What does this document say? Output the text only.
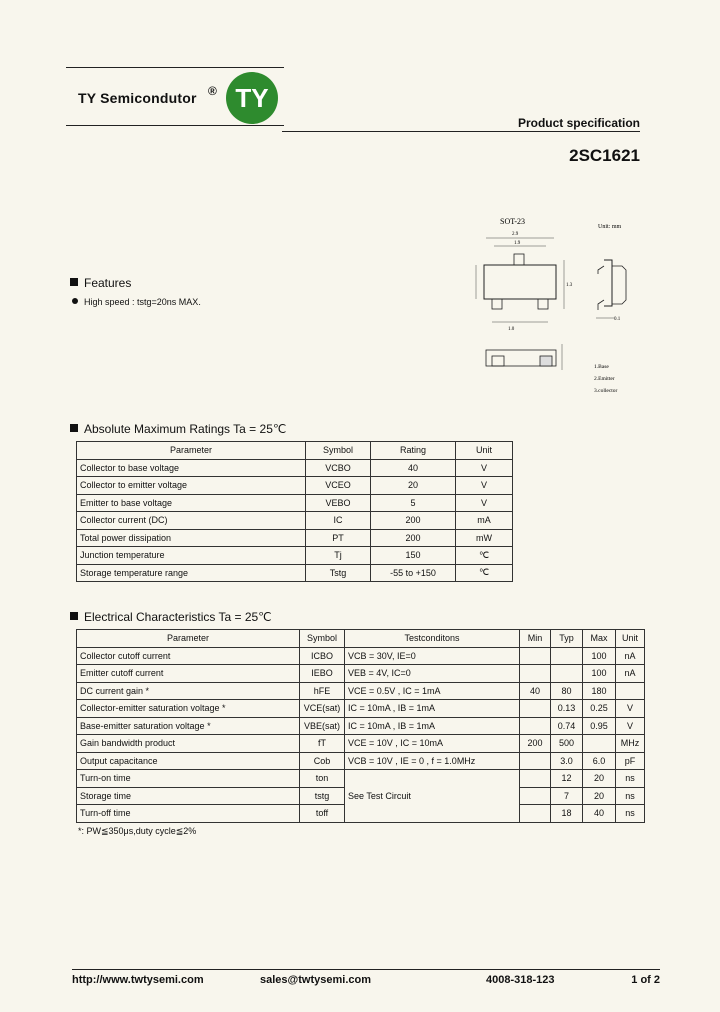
TY Semicondutor ® TY
Product specification
2SC1621
SOT-23
Unit: mm
2.9
1.9
1.3
1.0
0.1
1.Base
2.Emitter
3.collector
Features
High speed : tstg=20ns MAX.
Absolute Maximum Ratings Ta = 25℃
Parameter	Symbol	Rating	Unit
Collector to base voltage	VCBO	40	V
Collector to emitter voltage	VCEO	20	V
Emitter to base voltage	VEBO	5	V
Collector current (DC)	IC	200	mA
Total power dissipation	PT	200	mW
Junction temperature	Tj	150	℃
Storage temperature range	Tstg	-55 to +150	℃
Electrical Characteristics Ta = 25℃
Parameter	Symbol	Testconditons	Min	Typ	Max	Unit
Collector cutoff current	ICBO	VCB = 30V, IE=0			100	nA
Emitter cutoff current	IEBO	VEB = 4V, IC=0			100	nA
DC current gain *	hFE	VCE = 0.5V , IC = 1mA	40	80	180	
Collector-emitter saturation voltage *	VCE(sat)	IC = 10mA , IB = 1mA		0.13	0.25	V
Base-emitter saturation voltage *	VBE(sat)	IC = 10mA , IB = 1mA		0.74	0.95	V
Gain bandwidth product	fT	VCE = 10V , IC = 10mA	200	500		MHz
Output capacitance	Cob	VCB = 10V , IE = 0 , f = 1.0MHz		3.0	6.0	pF
Turn-on time	ton	See Test Circuit		12	20	ns
Storage time	tstg			7	20	ns
Turn-off time	toff			18	40	ns
*: PW≦350μs,duty cycle≦2%
http://www.twtysemi.com	sales@twtysemi.com	4008-318-123	1 of 2
